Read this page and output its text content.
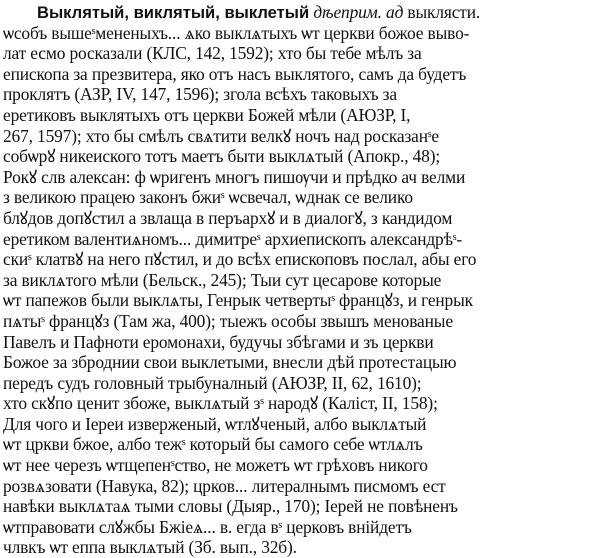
Выклятый, виклятый, выклетый дѣеприм. ад выклясти.
ѡсобъ вышеˢмененыхъ... ѧко выклѧтыхъ ѡт церкви божое выво-
лат есмо росказали (КЛС, 142, 1592); хто бы тебе мѣлъ за
епископа за презвитера, яко отъ насъ выклятого, самъ да будетъ
проклятъ (АЗР, IV, 147, 1596); згола всѣхъ таковыхъ за
еретиковъ выклятыхъ отъ церкви Божей мѣли (АЮЗР, I,
267, 1597); хто бы смѣлъ свѧтити велкꙋ ночъ над росказанˢе
собѡрꙋ никеиского тотъ маетъ быти выклѧтый (Апокр., 48);
Рокꙋ слв алексан: ф ѡригенъ многъ пишѹчи и прѣдко ач велми
з великою працею законъ бжиˢ ѡсвечал, ѡднак се велико
блꙋдов допꙋстил а звлаща в перъархꙋ и в диалогꙋ, з кандидом
еретиком валентиѧномъ... димитреˢ архиепископъ александрѣˢ-
скиˢ клатвꙋ на него пꙋстил, и до всѣх епископовъ послал, абы его
за виклѧтого мѣли (Бельск., 245); Тыи сут цесарове которые
ѡт папежов были выклѧты, Генрык четвертыˢ францꙋз, и генрык
пѧтыˢ францꙋз (Там жа, 400); тыежъ особы звышъ менованые
Павелъ и Пафноти еромонахи, будучы збѣгами и зъ церкви
Божое за зброднии свои выклетыми, внесли дѣй протестацыю
передъ судъ головный трыбуналный (АЮЗР, II, 62, 1610);
хто скꙋпо ценит збоже, выклѧтый зˢ народꙋ (Калiст, II, 158);
Для чого и Iереи изверженый, ѡтлꙋченый, албо выклѧтый
ѡт цркви бжое, албо тежˢ который бы самого себе ѡтлѧлъ
ѡт нее черезъ ѡтщепенˢство, не можетъ ѡт грѣховъ никого
розвѧзовати (Навука, 82); црков... литералнымъ писмомъ ест
навѣки выклѧтаѧ тыми словы (Дыяр., 170); Iерей не повѣненъ
ѡтправовати слꙋжбы Бжiеѧ... в. егда вˢ церковъ внiйдетъ
члвкъ ѡт еппа выклѧтый (Зб. вып., 32б).
